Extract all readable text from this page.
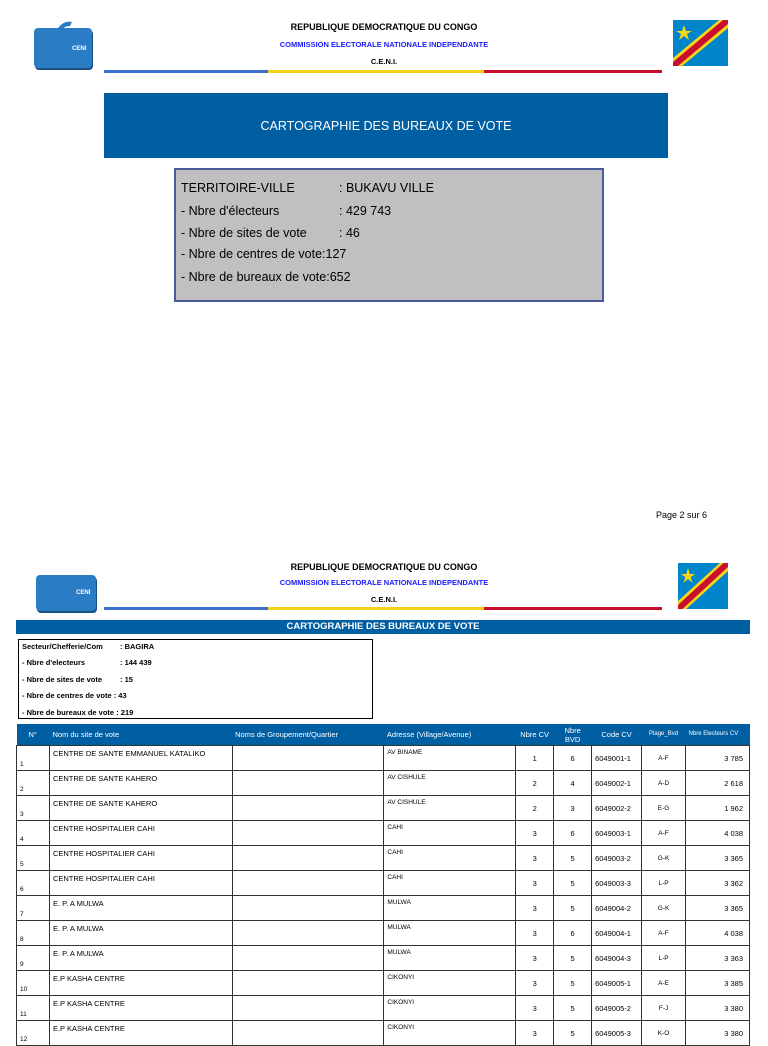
CENI
REPUBLIQUE DEMOCRATIQUE DU CONGO
COMMISSION ELECTORALE NATIONALE INDEPENDANTE
C.E.N.I.
CARTOGRAPHIE DES BUREAUX DE VOTE
TERRITOIRE-VILLE	: BUKAVU VILLE
- Nbre d'électeurs	: 429 743
- Nbre de sites de vote	: 46
- Nbre de centres de vote:127
- Nbre de bureaux de vote:652
Page 2 sur 6
CENI
REPUBLIQUE DEMOCRATIQUE DU CONGO
COMMISSION ELECTORALE NATIONALE INDEPENDANTE
C.E.N.I.
CARTOGRAPHIE DES BUREAUX DE VOTE
Secteur/Chefferie/Com : BAGIRA
- Nbre d'electeurs	: 144 439
- Nbre de sites de vote : 15
- Nbre de centres de vote : 43
- Nbre de bureaux de vote : 219
N°	Nom du site de vote	Noms de Groupement/Quartier	Adresse (Village/Avenue)	Nbre CV	Nbre BVD	Code CV	Plage_Bvd	Nbre Electeurs CV
1	CENTRE DE SANTE EMMANUEL KATALIKO		AV BINAME	1	6	6049001-1	A-F	3 785
2	CENTRE DE SANTE KAHERO		AV CISHULE	2	4	6049002-1	A-D	2 618
3	CENTRE DE SANTE KAHERO		AV CISHULE	2	3	6049002-2	E-G	1 962
4	CENTRE HOSPITALIER CAHI		CAHI	3	6	6049003-1	A-F	4 038
5	CENTRE HOSPITALIER CAHI		CAHI	3	5	6049003-2	G-K	3 365
6	CENTRE HOSPITALIER CAHI		CAHI	3	5	6049003-3	L-P	3 362
7	E. P. A MULWA		MULWA	3	5	6049004-2	G-K	3 365
8	E. P. A MULWA		MULWA	3	6	6049004-1	A-F	4 038
9	E. P. A MULWA		MULWA	3	5	6049004-3	L-P	3 363
10	E.P KASHA CENTRE		CIKONYI	3	5	6049005-1	A-E	3 385
11	E.P KASHA CENTRE		CIKONYI	3	5	6049005-2	F-J	3 380
12	E.P KASHA CENTRE		CIKONYI	3	5	6049005-3	K-O	3 380
